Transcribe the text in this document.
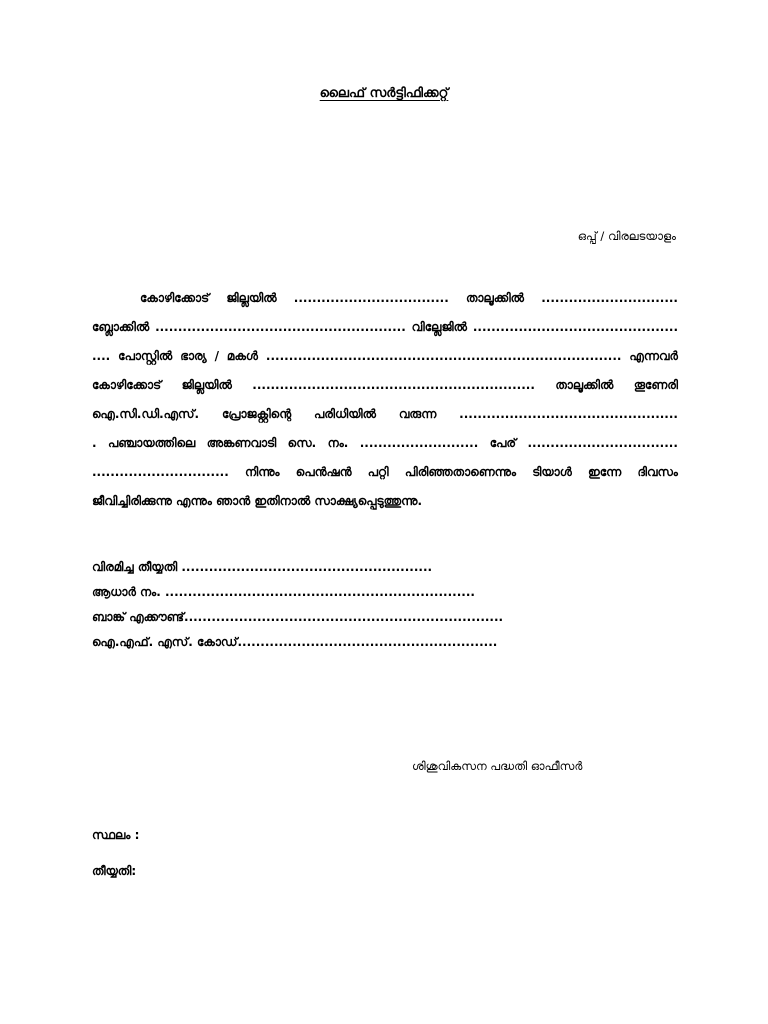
ലൈഫ് സർട്ടിഫിക്കറ്റ്
ഒപ്പ് / വിരലടയാളം
കോഴിക്കോട് ജില്ലയിൽ .................................. താലൂക്കിൽ ..............................
ബ്ലോക്കിൽ ....................................................... വില്ലേജിൽ .............................................
.... പോസ്റ്റിൽ ഭാര്യ / മകൾ .............................................................................. എന്നവർ
കോഴിക്കോട് ജില്ലയിൽ .............................................................. താലൂക്കിൽ തൂണേരി
ഐ.സി.ഡി.എസ്. പ്രോജക്റ്റിന്റെ പരിധിയിൽ വരുന്ന ................................................
. പഞ്ചായത്തിലെ അങ്കണവാടി സെ. നം. .......................... പേര് .................................
.............................. നിന്നും പെൻഷൻ പറ്റി പിരിഞ്ഞതാണെന്നും ടിയാൾ ഇന്നേ ദിവസം
ജീവിച്ചിരിക്കുന്നു എന്നും ഞാൻ ഇതിനാൽ സാക്ഷ്യപ്പെടുത്തുന്നു.
വിരമിച്ച തീയ്യതി .......................................................
ആധാർ നം. ....................................................................
ബാങ്ക് എക്കൗണ്ട്......................................................................
ഐ.എഫ്. എസ്. കോഡ്.........................................................
ശിശുവികസന പദ്ധതി ഓഫീസർ
സ്ഥലം :
തീയ്യതി:
